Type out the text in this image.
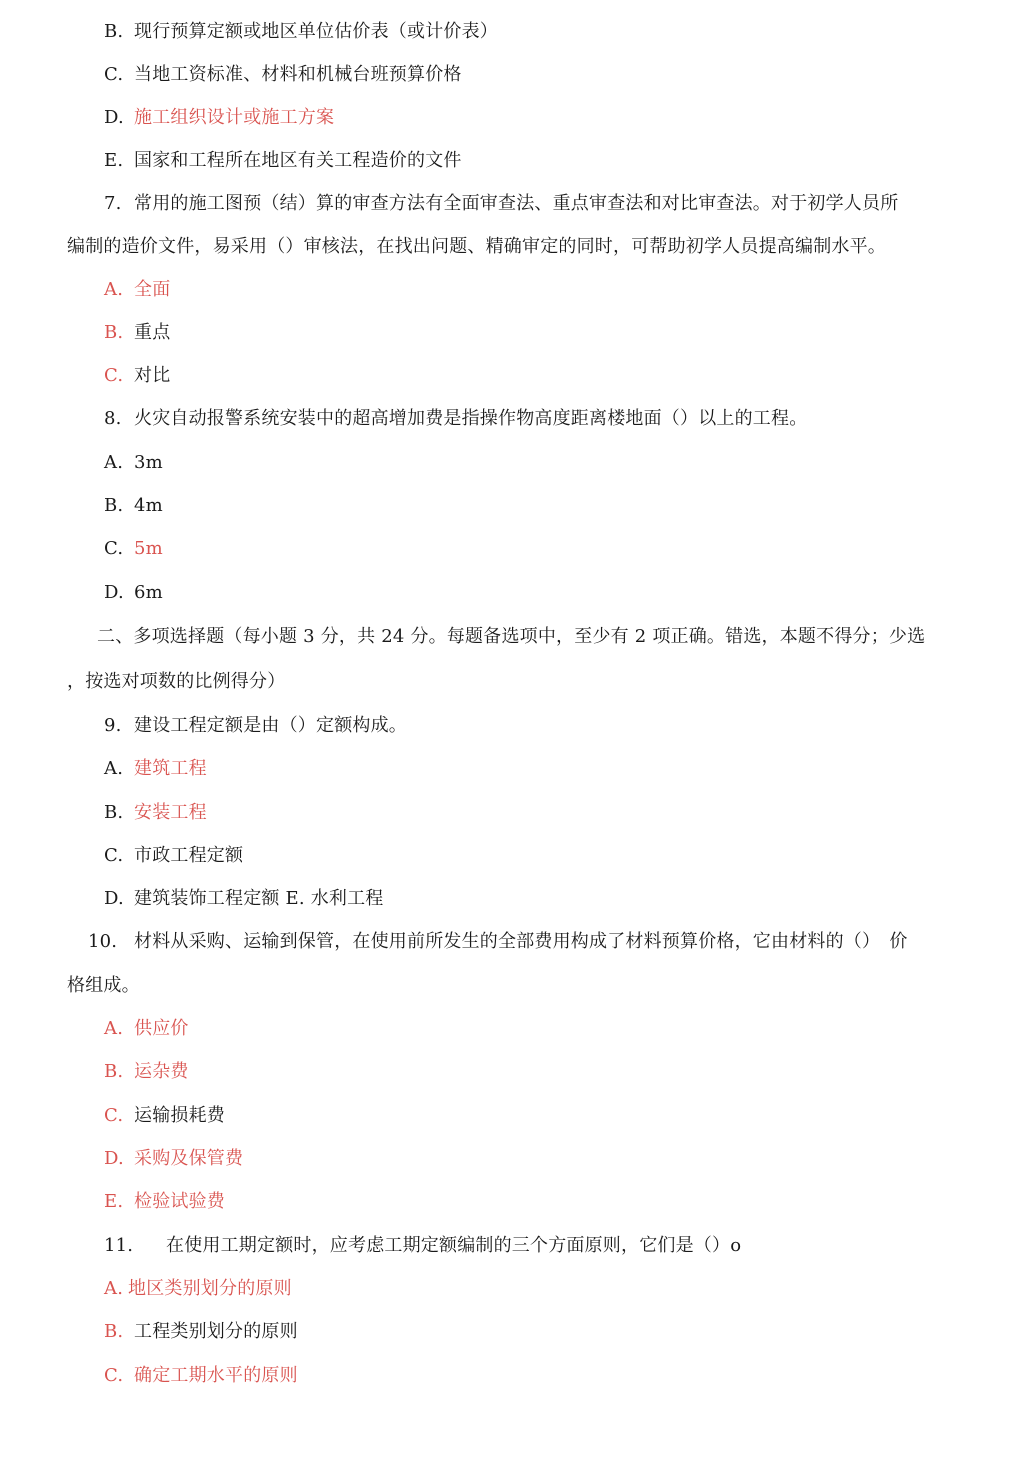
B. 现行预算定额或地区单位估价表（或计价表）
C. 当地工资标准、材料和机械台班预算价格
D. 施工组织设计或施工方案
E. 国家和工程所在地区有关工程造价的文件
7. 常用的施工图预（结）算的审查方法有全面审查法、重点审查法和对比审查法。对于初学人员所
编制的造价文件，易采用（）审核法，在找出问题、精确审定的同时，可帮助初学人员提高编制水平。
A. 全面
B. 重点
C. 对比
8. 火灾自动报警系统安装中的超高增加费是指操作物高度距离楼地面（）以上的工程。
A. 3m
B. 4m
C. 5m
D. 6m
二、多项选择题（每小题 3 分，共 24 分。每题备选项中，至少有 2 项正确。错选，本题不得分；少选
，按选对项数的比例得分）
9. 建设工程定额是由（）定额构成。
A. 建筑工程
B. 安装工程
C. 市政工程定额
D. 建筑装饰工程定额 E. 水利工程
10. 材料从采购、运输到保管，在使用前所发生的全部费用构成了材料预算价格，它由材料的（）　价
格组成。
A. 供应价
B. 运杂费
C. 运输损耗费
D. 采购及保管费
E. 检验试验费
11. 在使用工期定额时，应考虑工期定额编制的三个方面原则，它们是（）o
A. 地区类别划分的原则
B. 工程类别划分的原则
C. 确定工期水平的原则
